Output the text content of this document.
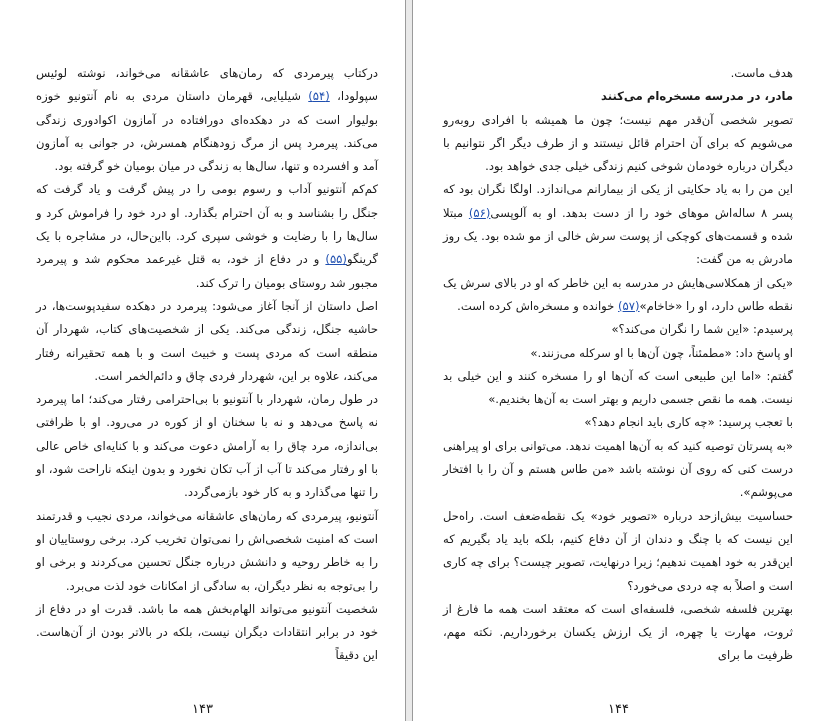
درکتاب پیرمردی که رمان‌های عاشقانه می‌خواند، نوشته لوئیس سپولودا، (۵۴) شیلیایی، قهرمان داستان مردی به نام آنتونیو خوزه بولیوار است که در دهکده‌ای دورافتاده در آمازون اکوادوری زندگی می‌کند. پیرمرد پس از مرگ زودهنگام همسرش، در جوانی به آمازون آمد و افسرده و تنها، سال‌ها به زندگی در میان بومیان خو گرفته بود.

کم‌کم آنتونیو آداب و رسوم بومی را در پیش گرفت و یاد گرفت که جنگل را بشناسد و به آن احترام بگذارد. او درد خود را فراموش کرد و سال‌ها را با رضایت و خوشی سپری کرد. بااین‌حال، در مشاجره با یک گرینگو(۵۵) و در دفاع از خود، به قتل غیرعمد محکوم شد و پیرمرد مجبور شد روستای بومیان را ترک کند.

اصل داستان از آنجا آغاز می‌شود: پیرمرد در دهکده سفیدپوست‌ها، در حاشیه جنگل، زندگی می‌کند. یکی از شخصیت‌های کتاب، شهردار آن منطقه است که مردی پست و خبیث است و با همه تحقیرانه رفتار می‌کند، علاوه بر این، شهردار فردی چاق و دائم‌الخمر است.

در طول رمان، شهردار با آنتونیو با بی‌احترامی رفتار می‌کند؛ اما پیرمرد نه پاسخ می‌دهد و نه با سخنان او از کوره در می‌رود. او با ظرافتی بی‌اندازه، مرد چاق را به آرامش دعوت می‌کند و با کنایه‌ای خاص عالی با او رفتار می‌کند تا آب از آب تکان نخورد و بدون اینکه ناراحت شود، او را تنها می‌گذارد و به کار خود بازمی‌گردد.

آنتونیو، پیرمردی که رمان‌های عاشقانه می‌خواند، مردی نجیب و قدرتمند است که امنیت شخصی‌اش را نمی‌توان تخریب کرد. برخی روستاییان او را به خاطر روحیه و دانشش درباره جنگل تحسین می‌کردند و برخی او را بی‌توجه به نظر دیگران، به سادگی از امکانات خود لذت می‌برد.

شخصیت آنتونیو می‌تواند الهام‌بخش همه ما باشد. قدرت او در دفاع از خود در برابر انتقادات دیگران نیست، بلکه در بالاتر بودن از آن‌هاست. این دقیقاً

۱۴۳

هدف ماست.

مادر، در مدرسه مسخره‌ام می‌کنند

تصویر شخصی آن‌قدر مهم نیست؛ چون ما همیشه با افرادی روبه‌رو می‌شویم که برای آن احترام قائل نیستند و از طرف دیگر اگر نتوانیم با دیگران درباره خودمان شوخی کنیم زندگی خیلی جدی خواهد بود.

این من را به یاد حکایتی از یکی از بیمارانم می‌اندازد. اولگا نگران بود که پسر ۸ ساله‌اش موهای خود را از دست بدهد. او به آلوپسی(۵۶) مبتلا شده و قسمت‌های کوچکی از پوست سرش خالی از مو شده بود. یک روز مادرش به من گفت:

«یکی از همکلاسی‌هایش در مدرسه به این خاطر که او در بالای سرش یک نقطه طاس دارد، او را «خاخام»(۵۷) خوانده و مسخره‌اش کرده است.

پرسیدم: «این شما را نگران می‌کند؟»

او پاسخ داد: «مطمئناً، چون آن‌ها با او سرکله می‌زنند.»

گفتم: «اما این طبیعی است که آن‌ها او را مسخره کنند و این خیلی بد نیست. همه ما نقص جسمی داریم و بهتر است به آن‌ها بخندیم.»

با تعجب پرسید: «چه کاری باید انجام دهد؟»

«به پسرتان توصیه کنید که به آن‌ها اهمیت ندهد. می‌توانی برای او پیراهنی درست کنی که روی آن نوشته باشد «من طاس هستم و آن را با افتخار می‌پوشم».

حساسیت بیش‌ازحد درباره «تصویر خود» یک نقطه‌ضعف است. راه‌حل این نیست که با چنگ و دندان از آن دفاع کنیم، بلکه باید یاد بگیریم که این‌قدر به خود اهمیت ندهیم؛ زیرا درنهایت، تصویر چیست؟ برای چه کاری است و اصلاً به چه دردی می‌خورد؟

بهترین فلسفه شخصی، فلسفه‌ای است که معتقد است همه ما فارغ از ثروت، مهارت یا چهره، از یک ارزش یکسان برخورداریم. نکته مهم، ظرفیت ما برای

۱۴۴
